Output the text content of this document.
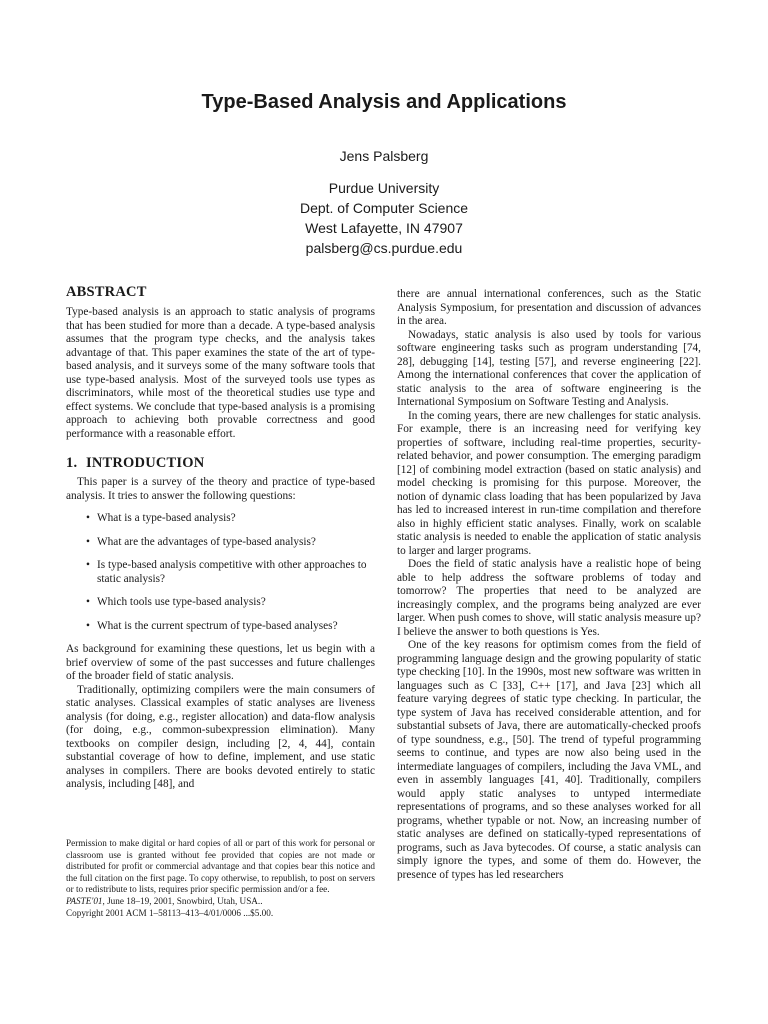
Type-Based Analysis and Applications
Jens Palsberg
Purdue University
Dept. of Computer Science
West Lafayette, IN 47907
palsberg@cs.purdue.edu
ABSTRACT

Type-based analysis is an approach to static analysis of programs that has been studied for more than a decade. A type-based analysis assumes that the program type checks, and the analysis takes advantage of that. This paper examines the state of the art of type-based analysis, and it surveys some of the many software tools that use type-based analysis. Most of the surveyed tools use types as discriminators, while most of the theoretical studies use type and effect systems. We conclude that type-based analysis is a promising approach to achieving both provable correctness and good performance with a reasonable effort.

1. INTRODUCTION

This paper is a survey of the theory and practice of type-based analysis. It tries to answer the following questions:

• What is a type-based analysis?
• What are the advantages of type-based analysis?
• Is type-based analysis competitive with other approaches to static analysis?
• Which tools use type-based analysis?
• What is the current spectrum of type-based analyses?

As background for examining these questions, let us begin with a brief overview of some of the past successes and future challenges of the broader field of static analysis.

Traditionally, optimizing compilers were the main consumers of static analyses. Classical examples of static analyses are liveness analysis (for doing, e.g., register allocation) and data-flow analysis (for doing, e.g., common-subexpression elimination). Many textbooks on compiler design, including [2, 4, 44], contain substantial coverage of how to define, implement, and use static analyses in compilers. There are books devoted entirely to static analysis, including [48], and

there are annual international conferences, such as the Static Analysis Symposium, for presentation and discussion of advances in the area.

Nowadays, static analysis is also used by tools for various software engineering tasks such as program understanding [74, 28], debugging [14], testing [57], and reverse engineering [22]. Among the international conferences that cover the application of static analysis to the area of software engineering is the International Symposium on Software Testing and Analysis.

In the coming years, there are new challenges for static analysis. For example, there is an increasing need for verifying key properties of software, including real-time properties, security-related behavior, and power consumption. The emerging paradigm [12] of combining model extraction (based on static analysis) and model checking is promising for this purpose. Moreover, the notion of dynamic class loading that has been popularized by Java has led to increased interest in run-time compilation and therefore also in highly efficient static analyses. Finally, work on scalable static analysis is needed to enable the application of static analysis to larger and larger programs.

Does the field of static analysis have a realistic hope of being able to help address the software problems of today and tomorrow? The properties that need to be analyzed are increasingly complex, and the programs being analyzed are ever larger. When push comes to shove, will static analysis measure up? I believe the answer to both questions is Yes.

One of the key reasons for optimism comes from the field of programming language design and the growing popularity of static type checking [10]. In the 1990s, most new software was written in languages such as C [33], C++ [17], and Java [23] which all feature varying degrees of static type checking. In particular, the type system of Java has received considerable attention, and for substantial subsets of Java, there are automatically-checked proofs of type soundness, e.g., [50]. The trend of typeful programming seems to continue, and types are now also being used in the intermediate languages of compilers, including the Java VML, and even in assembly languages [41, 40]. Traditionally, compilers would apply static analyses to untyped intermediate representations of programs, and so these analyses worked for all programs, whether typable or not. Now, an increasing number of static analyses are defined on statically-typed representations of programs, such as Java bytecodes. Of course, a static analysis can simply ignore the types, and some of them do. However, the presence of types has led researchers

Permission to make digital or hard copies of all or part of this work for personal or classroom use is granted without fee provided that copies are not made or distributed for profit or commercial advantage and that copies bear this notice and the full citation on the first page. To copy otherwise, to republish, to post on servers or to redistribute to lists, requires prior specific permission and/or a fee.

PASTE'01, June 18–19, 2001, Snowbird, Utah, USA..

Copyright 2001 ACM 1–58113–413–4/01/0006 ...$5.00.
